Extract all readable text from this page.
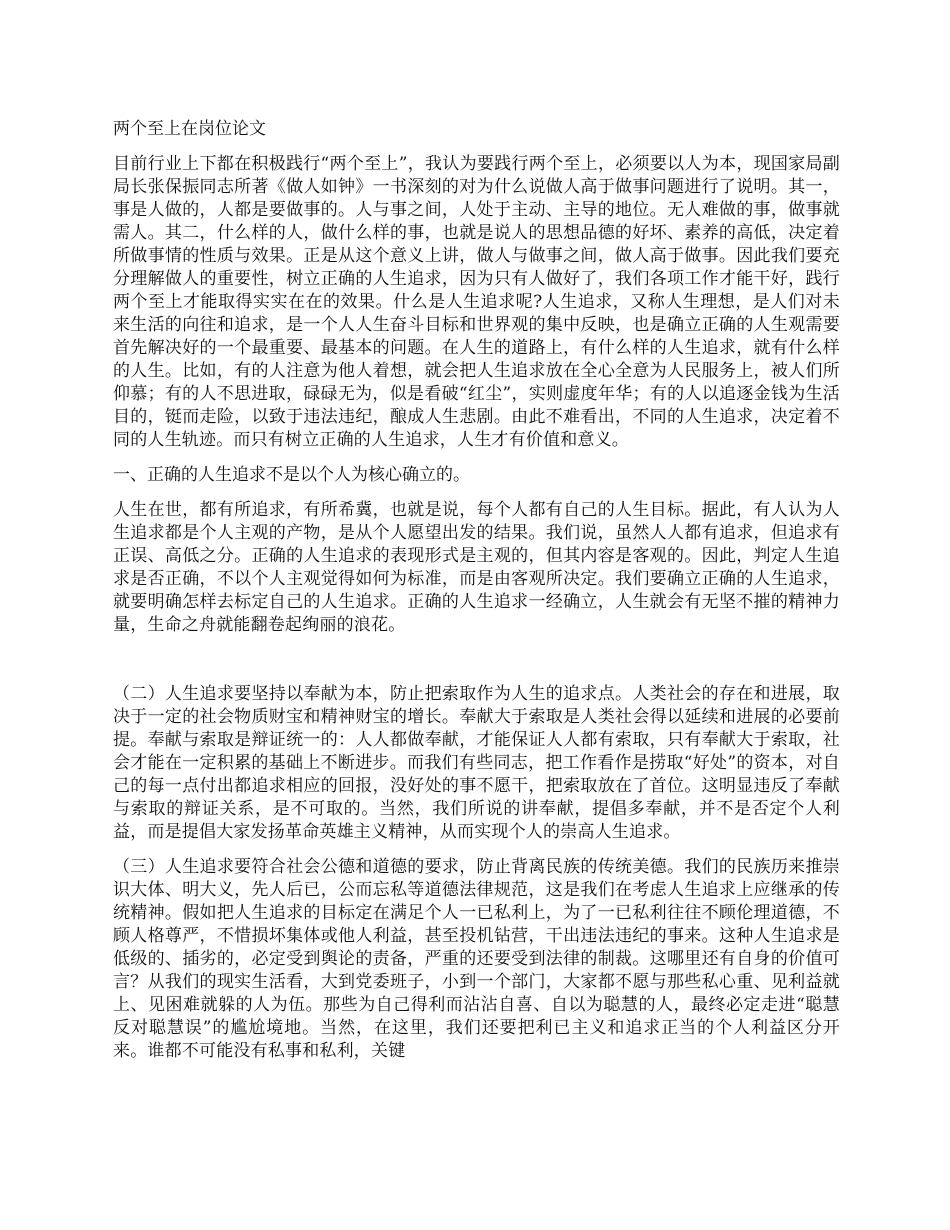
两个至上在岗位论文
目前行业上下都在积极践行“两个至上”，我认为要践行两个至上，必须要以人为本，现国家局副局长张保振同志所著《做人如钟》一书深刻的对为什么说做人高于做事问题进行了说明。其一，事是人做的，人都是要做事的。人与事之间，人处于主动、主导的地位。无人难做的事，做事就需人。其二，什么样的人，做什么样的事，也就是说人的思想品德的好坏、素养的高低，决定着所做事情的性质与效果。正是从这个意义上讲，做人与做事之间，做人高于做事。因此我们要充分理解做人的重要性，树立正确的人生追求，因为只有人做好了，我们各项工作才能干好，践行两个至上才能取得实实在在的效果。什么是人生追求呢?人生追求，又称人生理想，是人们对未来生活的向往和追求，是一个人人生奋斗目标和世界观的集中反映，也是确立正确的人生观需要首先解决好的一个最重要、最基本的问题。在人生的道路上，有什么样的人生追求，就有什么样的人生。比如，有的人注意为他人着想，就会把人生追求放在全心全意为人民服务上，被人们所仰慕；有的人不思进取，碌碌无为，似是看破“红尘”，实则虚度年华；有的人以追逐金钱为生活目的，铤而走险，以致于违法违纪，酿成人生悲剧。由此不难看出，不同的人生追求，决定着不同的人生轨迹。而只有树立正确的人生追求，人生才有价值和意义。
一、正确的人生追求不是以个人为核心确立的。
人生在世，都有所追求，有所希冀，也就是说，每个人都有自己的人生目标。据此，有人认为人生追求都是个人主观的产物，是从个人愿望出发的结果。我们说，虽然人人都有追求，但追求有正误、高低之分。正确的人生追求的表现形式是主观的，但其内容是客观的。因此，判定人生追求是否正确，不以个人主观觉得如何为标准，而是由客观所决定。我们要确立正确的人生追求，就要明确怎样去标定自己的人生追求。正确的人生追求一经确立，人生就会有无坚不摧的精神力量，生命之舟就能翻卷起绚丽的浪花。
（二）人生追求要坚持以奉献为本，防止把索取作为人生的追求点。人类社会的存在和进展，取决于一定的社会物质财宝和精神财宝的增长。奉献大于索取是人类社会得以延续和进展的必要前提。奉献与索取是辩证统一的：人人都做奉献，才能保证人人都有索取，只有奉献大于索取，社会才能在一定积累的基础上不断进步。而我们有些同志，把工作看作是捞取“好处”的资本，对自己的每一点付出都追求相应的回报，没好处的事不愿干，把索取放在了首位。这明显违反了奉献与索取的辩证关系，是不可取的。当然，我们所说的讲奉献，提倡多奉献，并不是否定个人利益，而是提倡大家发扬革命英雄主义精神，从而实现个人的崇高人生追求。
（三）人生追求要符合社会公德和道德的要求，防止背离民族的传统美德。我们的民族历来推崇识大体、明大义，先人后已，公而忘私等道德法律规范，这是我们在考虑人生追求上应继承的传统精神。假如把人生追求的目标定在满足个人一已私利上，为了一已私利往往不顾伦理道德，不顾人格尊严，不惜损坏集体或他人利益，甚至投机钻营，干出违法违纪的事来。这种人生追求是低级的、插劣的，必定受到舆论的责备，严重的还要受到法律的制裁。这哪里还有自身的价值可言？从我们的现实生活看，大到党委班子，小到一个部门，大家都不愿与那些私心重、见利益就上、见困难就躲的人为伍。那些为自己得利而沾沾自喜、自以为聪慧的人，最终必定走进“聪慧反对聪慧误”的尴尬境地。当然，在这里，我们还要把利已主义和追求正当的个人利益区分开来。谁都不可能没有私事和私利，关键
